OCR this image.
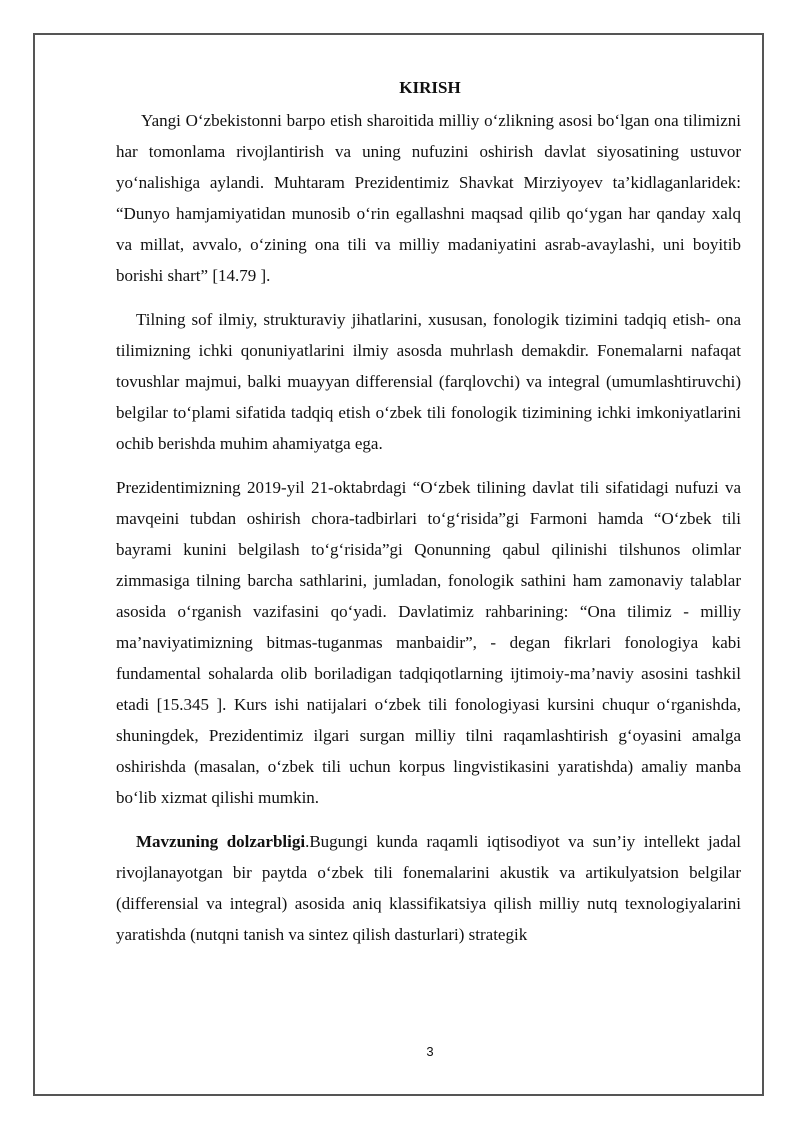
KIRISH

Yangi O‘zbekistonni barpo etish sharoitida milliy o‘zlikning asosi bo‘lgan ona tilimizni har tomonlama rivojlantirish va uning nufuzini oshirish davlat siyosatining ustuvor yo‘nalishiga aylandi. Muhtaram Prezidentimiz Shavkat Mirziyoyev ta’kidlaganlaridek: “Dunyo hamjamiyatidan munosib o‘rin egallashni maqsad qilib qo‘ygan har qanday xalq va millat, avvalo, o‘zining ona tili va milliy madaniyatini asrab-avaylashi, uni boyitib borishi shart” [14.79 ].

Tilning sof ilmiy, strukturaviy jihatlarini, xususan, fonologik tizimini tadqiq etish- ona tilimizning ichki qonuniyatlarini ilmiy asosda muhrlash demakdir. Fonemalarni nafaqat tovushlar majmui, balki muayyan differensial (farqlovchi) va integral (umumlashtiruvchi) belgilar to‘plami sifatida tadqiq etish o‘zbek tili fonologik tizimining ichki imkoniyatlarini ochib berishda muhim ahamiyatga ega.

Prezidentimizning 2019-yil 21-oktabrdagi “O‘zbek tilining davlat tili sifatidagi nufuzi va mavqeini tubdan oshirish chora-tadbirlari to‘g‘risida”gi Farmoni hamda “O‘zbek tili bayrami kunini belgilash to‘g‘risida”gi Qonunning qabul qilinishi tilshunos olimlar zimmasiga tilning barcha sathlarini, jumladan, fonologik sathini ham zamonaviy talablar asosida o‘rganish vazifasini qo‘yadi. Davlatimiz rahbarining: “Ona tilimiz - milliy ma’naviyatimizning bitmas-tuganmas manbaidir”, - degan fikrlari fonologiya kabi fundamental sohalarda olib boriladigan tadqiqotlarning ijtimoiy-ma’naviy asosini tashkil etadi [15.345 ]. Kurs ishi natijalari o‘zbek tili fonologiyasi kursini chuqur o‘rganishda, shuningdek, Prezidentimiz ilgari surgan milliy tilni raqamlashtirish g‘oyasini amalga oshirishda (masalan, o‘zbek tili uchun korpus lingvistikasini yaratishda) amaliy manba bo‘lib xizmat qilishi mumkin.

Mavzuning dolzarbligi.Bugungi kunda raqamli iqtisodiyot va sun’iy intellekt jadal rivojlanayotgan bir paytda o‘zbek tili fonemalarini akustik va artikulyatsion belgilar (differensial va integral) asosida aniq klassifikatsiya qilish milliy nutq texnologiyalarini yaratishda (nutqni tanish va sintez qilish dasturlari) strategik

3
